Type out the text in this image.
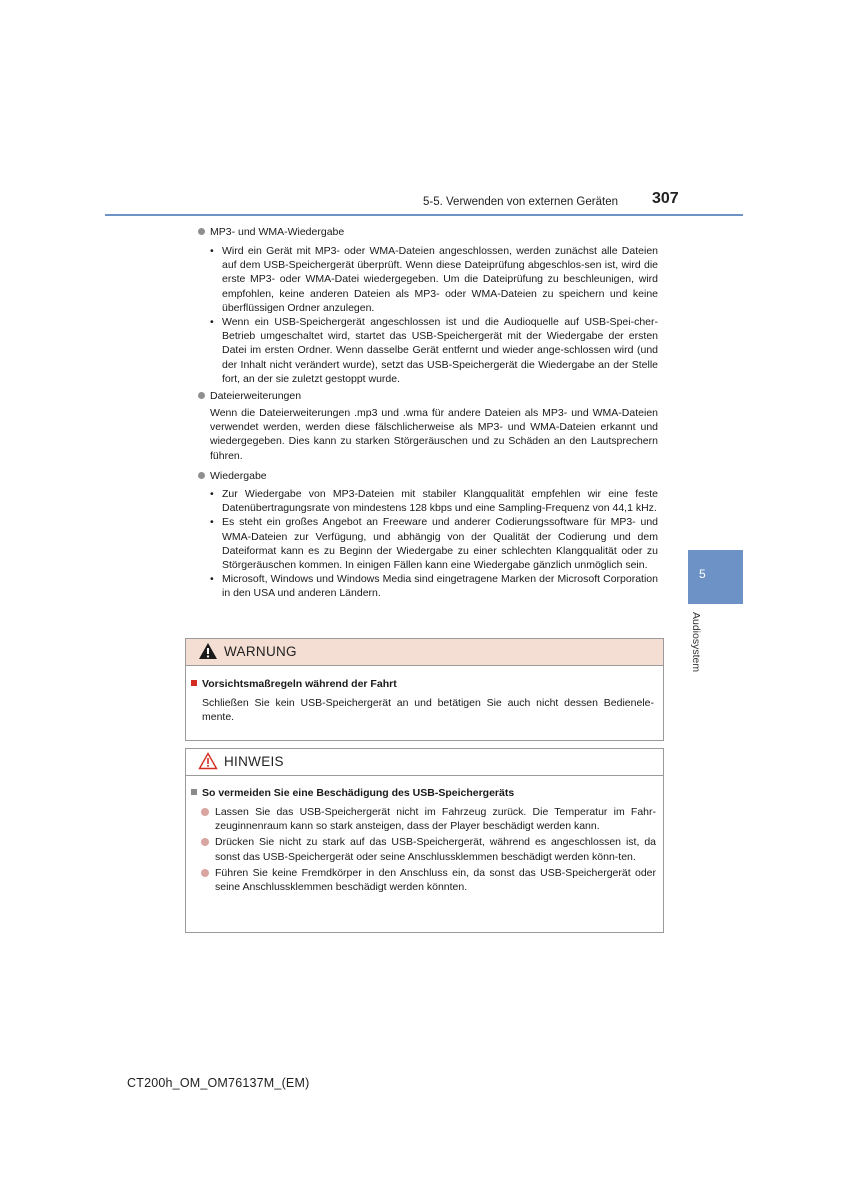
5-5. Verwenden von externen Geräten 307
5
Audiosystem
MP3- und WMA-Wiedergabe
• Wird ein Gerät mit MP3- oder WMA-Dateien angeschlossen, werden zunächst alle Dateien auf dem USB-Speichergerät überprüft. Wenn diese Dateiprüfung abgeschlos-sen ist, wird die erste MP3- oder WMA-Datei wiedergegeben. Um die Dateiprüfung zu beschleunigen, wird empfohlen, keine anderen Dateien als MP3- oder WMA-Dateien zu speichern und keine überflüssigen Ordner anzulegen.
• Wenn ein USB-Speichergerät angeschlossen ist und die Audioquelle auf USB-Spei-cher-Betrieb umgeschaltet wird, startet das USB-Speichergerät mit der Wiedergabe der ersten Datei im ersten Ordner. Wenn dasselbe Gerät entfernt und wieder ange-schlossen wird (und der Inhalt nicht verändert wurde), setzt das USB-Speichergerät die Wiedergabe an der Stelle fort, an der sie zuletzt gestoppt wurde.
Dateierweiterungen
Wenn die Dateierweiterungen .mp3 und .wma für andere Dateien als MP3- und WMA-Dateien verwendet werden, werden diese fälschlicherweise als MP3- und WMA-Dateien erkannt und wiedergegeben. Dies kann zu starken Störgeräuschen und zu Schäden an den Lautsprechern führen.
Wiedergabe
• Zur Wiedergabe von MP3-Dateien mit stabiler Klangqualität empfehlen wir eine feste Datenübertragungsrate von mindestens 128 kbps und eine Sampling-Frequenz von 44,1 kHz.
• Es steht ein großes Angebot an Freeware und anderer Codierungssoftware für MP3- und WMA-Dateien zur Verfügung, und abhängig von der Qualität der Codierung und dem Dateiformat kann es zu Beginn der Wiedergabe zu einer schlechten Klangqualität oder zu Störgeräuschen kommen. In einigen Fällen kann eine Wiedergabe gänzlich unmöglich sein.
• Microsoft, Windows und Windows Media sind eingetragene Marken der Microsoft Corporation in den USA und anderen Ländern.
WARNUNG
Vorsichtsmaßregeln während der Fahrt
Schließen Sie kein USB-Speichergerät an und betätigen Sie auch nicht dessen Bedienele-mente.
HINWEIS
So vermeiden Sie eine Beschädigung des USB-Speichergeräts
Lassen Sie das USB-Speichergerät nicht im Fahrzeug zurück. Die Temperatur im Fahr-zeuginnenraum kann so stark ansteigen, dass der Player beschädigt werden kann.
Drücken Sie nicht zu stark auf das USB-Speichergerät, während es angeschlossen ist, da sonst das USB-Speichergerät oder seine Anschlussklemmen beschädigt werden könn-ten.
Führen Sie keine Fremdkörper in den Anschluss ein, da sonst das USB-Speichergerät oder seine Anschlussklemmen beschädigt werden könnten.
CT200h_OM_OM76137M_(EM)
